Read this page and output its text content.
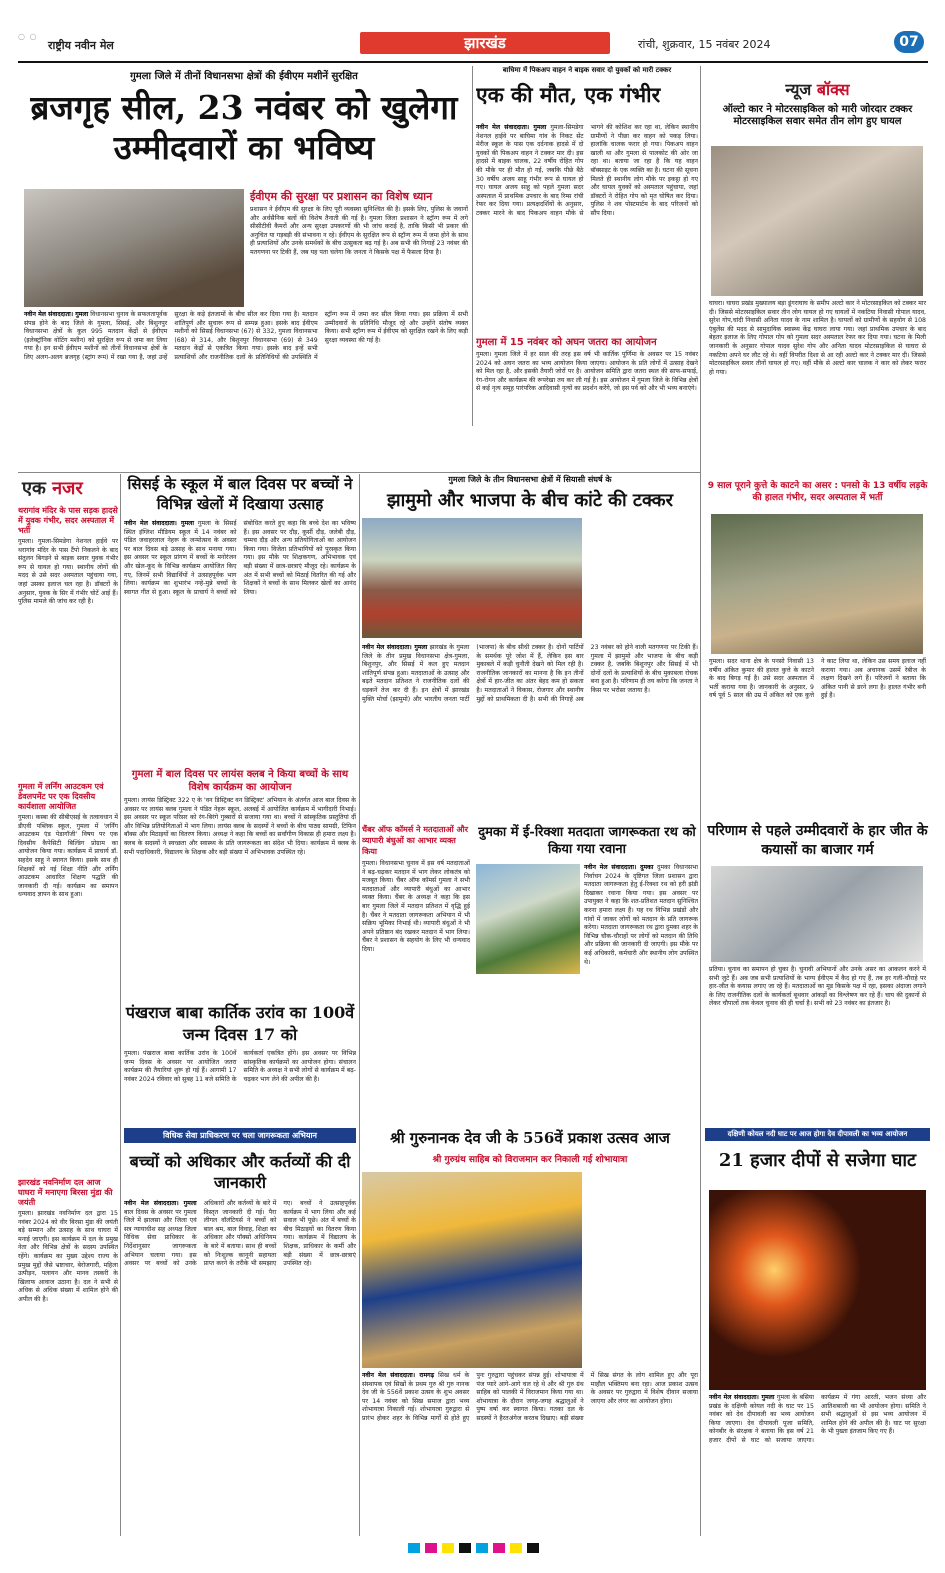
○ ○
राष्ट्रीय नवीन मेल	झारखंड	रांची, शुक्रवार, 15 नवंबर 2024	07
गुमला जिले में तीनों विधानसभा क्षेत्रों की ईवीएम मशीनें सुरक्षित
ब्रजगृह सील, 23 नवंबर को खुलेगा उम्मीदवारों का भविष्य
ईवीएम की सुरक्षा पर प्रशासन का विशेष ध्यान
प्रशासन ने ईवीएम की सुरक्षा के लिए पूरी व्यवस्था सुनिश्चित की है। इसके लिए, पुलिस के जवानों और अर्धसैनिक बलों की विशेष तैनाती की गई है। गुमला जिला प्रशासन ने स्ट्रॉन्ग रूम में लगे सीसीटीवी कैमरों और अन्य सुरक्षा उपकरणों की भी जांच कराई है, ताकि किसी भी प्रकार की अनुचित या गड़बड़ी की संभावना न रहे। ईवीएम के सुरक्षित रूप से स्ट्रॉन्ग रूम में जमा होने के साथ ही प्रत्याशियों और उनके समर्थकों के बीच उत्सुकता बढ़ गई है। अब सभी की निगाहें 23 नवंबर की मतगणना पर टिकी हैं, जब यह पता चलेगा कि जनता ने किसके पक्ष में फैसला दिया है।
नवीन मेल संवाददाता। गुमला विधानसभा चुनाव के सफलतापूर्वक संपन्न होने के बाद जिले के गुमला, सिसई, और बिशुनपुर विधानसभा क्षेत्रों के कुल 995 मतदान केंद्रों से ईवीएम (इलेक्ट्रॉनिक वोटिंग मशीन) को सुरक्षित रूप से जमा कर लिया गया है। इन सभी ईवीएम मशीनों को तीनों विधानसभा क्षेत्रों के लिए अलग-अलग ब्रजगृह (स्ट्रांग रूम) में रखा गया है, जहां उन्हें सुरक्षा के कड़े इंतजामों के बीच सील कर दिया गया है। मतदान शांतिपूर्ण और सुचारू रूप से सम्पन्न हुआ। इसके बाद ईवीएम मशीनों को सिसई विधानसभा (67) से 332, गुमला विधानसभा (68) से 314, और बिशुनपुर विधानसभा (69) से 349 मतदान केंद्रों से एकत्रित किया गया। इसके बाद इन्हें सभी प्रत्याशियों और राजनीतिक दलों के प्रतिनिधियों की उपस्थिति में स्ट्रॉन्ग रूम में जमा कर सील किया गया। इस प्रक्रिया में सभी उम्मीदवारों के प्रतिनिधि मौजूद रहे और उन्होंने संतोष व्यक्त किया। सभी स्ट्रॉन्ग रूम में ईवीएम को सुरक्षित रखने के लिए कड़ी सुरक्षा व्यवस्था की गई है।
बाघिमा में पिकअप वाहन ने बाइक सवार दो युवकों को मारी टक्कर
एक की मौत, एक गंभीर
नवीन मेल संवाददाता। गुमला गुमला-सिमडेगा नेशनल हाईवे पर बाघिमा गांव के निकट सेंट मेरीज स्कूल के पास एक दर्दनाक हादसे में दो युवकों की पिकअप वाहन ने टक्कर मार दी। इस हादसे में बाइक चालक, 22 वर्षीय रोहित गोप की मौके पर ही मौत हो गई, जबकि पीछे बैठे 30 वर्षीय अजय साहू गंभीर रूप से घायल हो गए। घायल अजय साहू को पहले गुमला सदर अस्पताल में प्राथमिक उपचार के बाद रिम्स रांची रेफर कर दिया गया। प्रत्यक्षदर्शियों के अनुसार, टक्कर मारने के बाद पिकअप वाहन मौके से भागने की कोशिश कर रहा था, लेकिन स्थानीय ग्रामीणों ने पीछा कर वाहन को पकड़ लिया। हालांकि चालक फरार हो गया। पिकअप वाहन खाली था और गुमला से पालकोट की ओर जा रहा था। बताया जा रहा है कि यह वाहन बॉक्साइट के एक व्यक्ति का है। घटना की सूचना मिलते ही स्थानीय लोग मौके पर इकट्ठा हो गए और घायल युवकों को अस्पताल पहुंचाया, जहां डॉक्टरों ने रोहित गोप को मृत घोषित कर दिया। पुलिस ने शव पोस्टमार्टम के बाद परिजनों को सौंप दिया।
गुमला में 15 नवंबर को अघन जतरा का आयोजन
गुमला। गुमला जिले में हर साल की तरह इस वर्ष भी कार्तिक पूर्णिमा के अवसर पर 15 नवंबर 2024 को अघन जतरा का भव्य आयोजन किया जाएगा। आयोजन के प्रति लोगों में उत्साह देखने को मिल रहा है, और इसकी तैयारी जोरों पर है। आयोजन समिति द्वारा जतरा स्थल की साफ-सफाई, रंग-रोगन और कार्यक्रम की रूपरेखा तय कर ली गई है। इस आयोजन में गुमला जिले के विभिन्न क्षेत्रों से कई नृत्य समूह पारंपरिक आदिवासी नृत्यों का प्रदर्शन करेंगे, जो इस पर्व को और भी भव्य बनाएंगे।
न्यूज बॉक्स
ऑल्टो कार ने मोटरसाइकिल को मारी जोरदार टक्कर मोटरसाइकिल सवार समेत तीन लोग हुए घायल
घाघरा। घाघरा प्रखंड मुख्यालय बड़ा डूंगराघाघ के समीप अल्टो कार ने मोटरसाइकिल को टक्कर मार दी। जिससे मोटरसाइकिल सवार तीन लोग घायल हो गए घायलों में नकटिया निवासी गोपाल यादव, सुरेश गोप,चांदी निवासी अनिता यादव के नाम शामिल है। घायलों को ग्रामीणों के सहयोग से 108 एंबुलेंस की मदद से सामुदायिक स्वास्थ्य केंद्र घाघरा लाया गया। जहां प्राथमिक उपचार के बाद बेहतर इलाज के लिए गोपाल गोप को गुमला सदर अस्पताल रेफर कर दिया गया। घटना के मिली जानकारी के अनुसार गोपाल यादव सुरेश गोप और अनिता यादव मोटरसाइकिल से घाघरा से नकटिया अपने घर लौट रहे थे। वहीं विपरीत दिशा से आ रही अल्टो कार ने टक्कर मार दी। जिससे मोटरसाइकिल सवार तीनों घायल हो गए। वहीं मौके से अल्टो कार चालक ने कार को लेकर फरार हो गया।
9 साल पूराने कुत्ते के काटने का असर : पनसो के 13 वर्षीय लड़के की हालत गंभीर, सदर अस्पताल में भर्ती
गुमला। सदर थाना क्षेत्र के पनसो निवासी 13 वर्षीय अंकित कुमार की हालत कुत्ते के काटने के बाद बिगड़ गई है। उसे सदर अस्पताल में भर्ती कराया गया है। जानकारी के अनुसार, 9 वर्ष पूर्व 5 साल की उम्र में अंकित को एक कुत्ते ने काट लिया था, लेकिन उस समय इलाज नहीं कराया गया। अब अचानक उसमें रेबीज के लक्षण दिखने लगे हैं। परिजनों ने बताया कि अंकित पानी से डरने लगा है। हालत गंभीर बनी हुई है।
परिणाम से पहले उम्मीदवारों के हार जीत के कयासों का बाजार गर्म
प्रतिया। चुनाव का समापन हो चुका है। चुनावी अभियानों और उनके असर का आकलन करने में सभी जुटे हैं। अब जब सभी प्रत्याशियों के भाग्य ईवीएम में कैद हो गए हैं, तब हर गली-चौराहे पर हार-जीत के कयास लगाए जा रहे हैं। मतदाताओं का मूड किसके पक्ष में रहा, इसका अंदाजा लगाने के लिए राजनीतिक दलों के कार्यकर्ता बूथवार आंकड़ों का विश्लेषण कर रहे हैं। चाय की दुकानों से लेकर चौपालों तक केवल चुनाव की ही चर्चा है। सभी को 23 नवंबर का इंतजार है।
दक्षिणी कोयल नदी घाट पर आज होगा देव दीपावली का भव्य आयोजन
21 हजार दीपों से सजेगा घाट
नवीन मेल संवाददाता। गुमला गुमला के बसिया प्रखंड के दक्षिणी कोयल नदी के घाट पर 15 नवंबर को देव दीपावली का भव्य आयोजन किया जाएगा। देव दीपावली पूजा समिति, कोनबीर के संरक्षक ने बताया कि इस वर्ष 21 हजार दीपों से घाट को सजाया जाएगा। कार्यक्रम में गंगा आरती, भजन संध्या और आतिशबाजी का भी आयोजन होगा। समिति ने सभी श्रद्धालुओं से इस भव्य आयोजन में शामिल होने की अपील की है। घाट पर सुरक्षा के भी पुख्ता इंतजाम किए गए हैं।
एक नजर
थरागांव मंदिर के पास सड़क हादसे में युवक गंभीर, सदर अस्पताल में भर्ती
गुमला। गुमला-सिमडेगा नेशनल हाईवे पर थरागांव मंदिर के पास टैंपो निकलने के बाद संतुलन बिगड़ने से बाइक सवार युवक गंभीर रूप से घायल हो गया। स्थानीय लोगों की मदद से उसे सदर अस्पताल पहुंचाया गया, जहां उसका इलाज चल रहा है। डॉक्टरों के अनुसार, युवक के सिर में गंभीर चोटें आई हैं। पुलिस मामले की जांच कर रही है।
गुमला में लर्निंग आउटकम एवं डेवलपमेंट पर एक दिवसीय कार्यशाला आयोजित
गुमला। कस्बा की सीबीएसई के तत्वावधान में डीएवी पब्लिक स्कूल, गुमला में 'लर्निंग आउटकम एंड पेडागॉजी' विषय पर एक दिवसीय कैपेसिटी बिल्डिंग प्रोग्राम का आयोजन किया गया। कार्यक्रम में प्राचार्य डॉ. सहदेव साहू ने स्वागत किया। इसके साथ ही शिक्षकों को नई शिक्षा नीति और लर्निंग आउटकम आधारित शिक्षण पद्धति की जानकारी दी गई। कार्यक्रम का समापन धन्यवाद ज्ञापन के साथ हुआ।
झारखंड नवनिर्माण दल आज घाघरा में मनाएगा बिरसा मुंडा की जयंती
गुमला। झारखंड नवनिर्माण दल द्वारा 15 नवंबर 2024 को वीर बिरसा मुंडा की जयंती बड़े सम्मान और उत्साह के साथ घाघरा में मनाई जाएगी। इस कार्यक्रम में दल के प्रमुख नेता और विभिन्न क्षेत्रों के सदस्य उपस्थित रहेंगे। कार्यक्रम का मुख्य उद्देश्य राज्य के प्रमुख मुद्दों जैसे भ्रष्टाचार, बेरोजगारी, महिला उत्पीड़न, पलायन और मानव तस्करी के खिलाफ आवाज उठाना है। दल ने सभी से अधिक से अधिक संख्या में शामिल होने की अपील की है।
सिसई के स्कूल में बाल दिवस पर बच्चों ने विभिन्न खेलों में दिखाया उत्साह
नवीन मेल संवाददाता। गुमला गुमला के सिसई स्थित इंग्लिश मीडियम स्कूल में 14 नवंबर को पंडित जवाहरलाल नेहरू के जन्मोत्सव के अवसर पर बाल दिवस बड़े उत्साह के साथ मनाया गया। इस अवसर पर स्कूल प्रांगण में बच्चों के मनोरंजन और खेल-कूद के विभिन्न कार्यक्रम आयोजित किए गए, जिनमें सभी विद्यार्थियों ने उत्साहपूर्वक भाग लिया। कार्यक्रम का शुभारंभ नन्हे-मुन्ने बच्चों के स्वागत गीत से हुआ। स्कूल के प्राचार्य ने बच्चों को संबोधित करते हुए कहा कि बच्चे देश का भविष्य हैं। इस अवसर पर दौड़, कुर्सी दौड़, जलेबी दौड़, चम्मच दौड़ और अन्य प्रतियोगिताओं का आयोजन किया गया। विजेता प्रतिभागियों को पुरस्कृत किया गया। इस मौके पर शिक्षकगण, अभिभावक एवं बड़ी संख्या में छात्र-छात्राएं मौजूद रहे। कार्यक्रम के अंत में सभी बच्चों को मिठाई वितरित की गई और शिक्षकों ने बच्चों के साथ मिलकर खेलों का आनंद लिया।
गुमला में बाल दिवस पर लायंस क्लब ने किया बच्चों के साथ विशेष कार्यक्रम का आयोजन
गुमला। लायंस डिस्ट्रिक्ट 322 ए के 'वन डिस्ट्रिक्ट वन डिस्ट्रिक्ट' अभियान के अंतर्गत आज बाल दिवस के अवसर पर लायंस क्लब गुमला ने पंडित नेहरू स्कूल, अलबई में आयोजित कार्यक्रम में भागीदारी निभाई। इस अवसर पर स्कूल परिसर को रंग-बिरंगे गुब्बारों से सजाया गया था। बच्चों ने सांस्कृतिक प्रस्तुतियां दीं और विभिन्न प्रतियोगिताओं में भाग लिया। लायंस क्लब के सदस्यों ने बच्चों के बीच पाठ्य सामग्री, टिफिन बॉक्स और मिठाइयों का वितरण किया। अध्यक्ष ने कहा कि बच्चों का सर्वांगीण विकास ही हमारा लक्ष्य है। क्लब के सदस्यों ने स्वच्छता और स्वास्थ्य के प्रति जागरूकता का संदेश भी दिया। कार्यक्रम में क्लब के सभी पदाधिकारी, विद्यालय के शिक्षक और बड़ी संख्या में अभिभावक उपस्थित रहे।
पंखराज बाबा कार्तिक उरांव का 100वें जन्म दिवस 17 को
गुमला। पंखराज बाबा कार्तिक उरांव के 100वें जन्म दिवस के अवसर पर आयोजित जतरा कार्यक्रम की तैयारियां शुरू हो गई हैं। आगामी 17 नवंबर 2024 रविवार को सुबह 11 बजे समिति के कार्यकर्ता एकत्रित होंगे। इस अवसर पर विभिन्न सांस्कृतिक कार्यक्रमों का आयोजन होगा। संचालन समिति के अध्यक्ष ने सभी लोगों से कार्यक्रम में बढ़-चढ़कर भाग लेने की अपील की है।
विधिक सेवा प्राधिकरण पर चला जागरूकता अभियान
बच्चों को अधिकार और कर्तव्यों की दी जानकारी
नवीन मेल संवाददाता। गुमला बाल दिवस के अवसर पर गुमला जिले में झालसा और जिला एवं सत्र न्यायाधीश सह अध्यक्ष जिला विधिक सेवा प्राधिकार के निर्देशानुसार जागरूकता अभियान चलाया गया। इस अवसर पर बच्चों को उनके अधिकारों और कर्तव्यों के बारे में विस्तृत जानकारी दी गई। पैरा लीगल वॉलंटियर्स ने बच्चों को बाल श्रम, बाल विवाह, शिक्षा का अधिकार और पॉक्सो अधिनियम के बारे में बताया। साथ ही बच्चों को निःशुल्क कानूनी सहायता प्राप्त करने के तरीके भी समझाए गए। बच्चों ने उत्साहपूर्वक कार्यक्रम में भाग लिया और कई सवाल भी पूछे। अंत में बच्चों के बीच मिठाइयों का वितरण किया गया। कार्यक्रम में विद्यालय के शिक्षक, प्राधिकार के कर्मी और बड़ी संख्या में छात्र-छात्राएं उपस्थित रहे।
गुमला जिले के तीन विधानसभा क्षेत्रों में सियासी संघर्ष के
झामुमो और भाजपा के बीच कांटे की टक्कर
नवीन मेल संवाददाता। गुमला झारखंड के गुमला जिले के तीन प्रमुख विधानसभा क्षेत्र-गुमला, बिशुनपुर, और सिसई में कल हुए मतदान शांतिपूर्ण संपन्न हुआ। मतदाताओं के उत्साह और बढ़ते मतदान प्रतिशत ने राजनीतिक दलों की धड़कनें तेज कर दी हैं। इन क्षेत्रों में झारखंड मुक्ति मोर्चा (झामुमो) और भारतीय जनता पार्टी (भाजपा) के बीच सीधी टक्कर है। दोनों पार्टियों के समर्थक पूरे जोश में हैं, लेकिन इस बार मुकाबले में कड़ी चुनौती देखने को मिल रही है। राजनीतिक जानकारों का मानना है कि इन तीनों क्षेत्रों में हार-जीत का अंतर बेहद कम हो सकता है। मतदाताओं ने विकास, रोजगार और स्थानीय मुद्दों को प्राथमिकता दी है। सभी की निगाहें अब 23 नवंबर को होने वाली मतगणना पर टिकी हैं। गुमला में झामुमो और भाजपा के बीच कड़ी टक्कर है, जबकि बिशुनपुर और सिसई में भी दोनों दलों के प्रत्याशियों के बीच मुकाबला रोचक बना हुआ है। परिणाम ही तय करेगा कि जनता ने किस पर भरोसा जताया है।
चैंबर ऑफ कॉमर्स ने मतदाताओं और व्यापारी बंधुओं का आभार व्यक्त किया
गुमला। विधानसभा चुनाव में इस वर्ष मतदाताओं ने बढ़-चढ़कर मतदान में भाग लेकर लोकतंत्र को मजबूत किया। चैंबर ऑफ कॉमर्स गुमला ने सभी मतदाताओं और व्यापारी बंधुओं का आभार व्यक्त किया। चैंबर के अध्यक्ष ने कहा कि इस बार गुमला जिले में मतदान प्रतिशत में वृद्धि हुई है। चैंबर ने मतदाता जागरूकता अभियान में भी सक्रिय भूमिका निभाई थी। व्यापारी बंधुओं ने भी अपने प्रतिष्ठान बंद रखकर मतदान में भाग लिया। चैंबर ने प्रशासन के सहयोग के लिए भी धन्यवाद दिया।
दुमका में ई-रिक्शा मतदाता जागरूकता रथ को किया गया रवाना
नवीन मेल संवाददाता। दुमका दुमका विधानसभा निर्वाचन 2024 के दृष्टिगत जिला प्रशासन द्वारा मतदाता जागरूकता हेतु ई-रिक्शा रथ को हरी झंडी दिखाकर रवाना किया गया। इस अवसर पर उपायुक्त ने कहा कि शत-प्रतिशत मतदान सुनिश्चित करना हमारा लक्ष्य है। यह रथ विभिन्न प्रखंडों और गांवों में जाकर लोगों को मतदान के प्रति जागरूक करेगा। मतदाता जागरूकता रथ द्वारा दुमका शहर के विभिन्न चौक-चौराहों पर लोगों को मतदान की तिथि और प्रक्रिया की जानकारी दी जाएगी। इस मौके पर कई अधिकारी, कर्मचारी और स्थानीय लोग उपस्थित थे।
श्री गुरुनानक देव जी के 556वें प्रकाश उत्सव आज
श्री गुरुग्रंथ साहिब को विराजमान कर निकाली गई शोभायात्रा
नवीन मेल संवाददाता। रामगढ़ सिख धर्म के संस्थापक एवं सिखों के प्रथम गुरु श्री गुरु नानक देव जी के 556वें प्रकाश उत्सव के शुभ अवसर पर 14 नवंबर को सिख समाज द्वारा भव्य शोभायात्रा निकाली गई। शोभायात्रा गुरुद्वारा से प्रारंभ होकर शहर के विभिन्न मार्गों से होते हुए पुनः गुरुद्वारा पहुंचकर संपन्न हुई। शोभायात्रा में पंज प्यारे आगे-आगे चल रहे थे और श्री गुरु ग्रंथ साहिब को पालकी में विराजमान किया गया था। शोभायात्रा के दौरान जगह-जगह श्रद्धालुओं ने पुष्प वर्षा कर स्वागत किया। गतका दल के सदस्यों ने हैरतअंगेज करतब दिखाए। बड़ी संख्या में सिख संगत के लोग शामिल हुए और पूरा माहौल भक्तिमय बना रहा। आज प्रकाश उत्सव के अवसर पर गुरुद्वारा में विशेष दीवान सजाया जाएगा और लंगर का आयोजन होगा।
